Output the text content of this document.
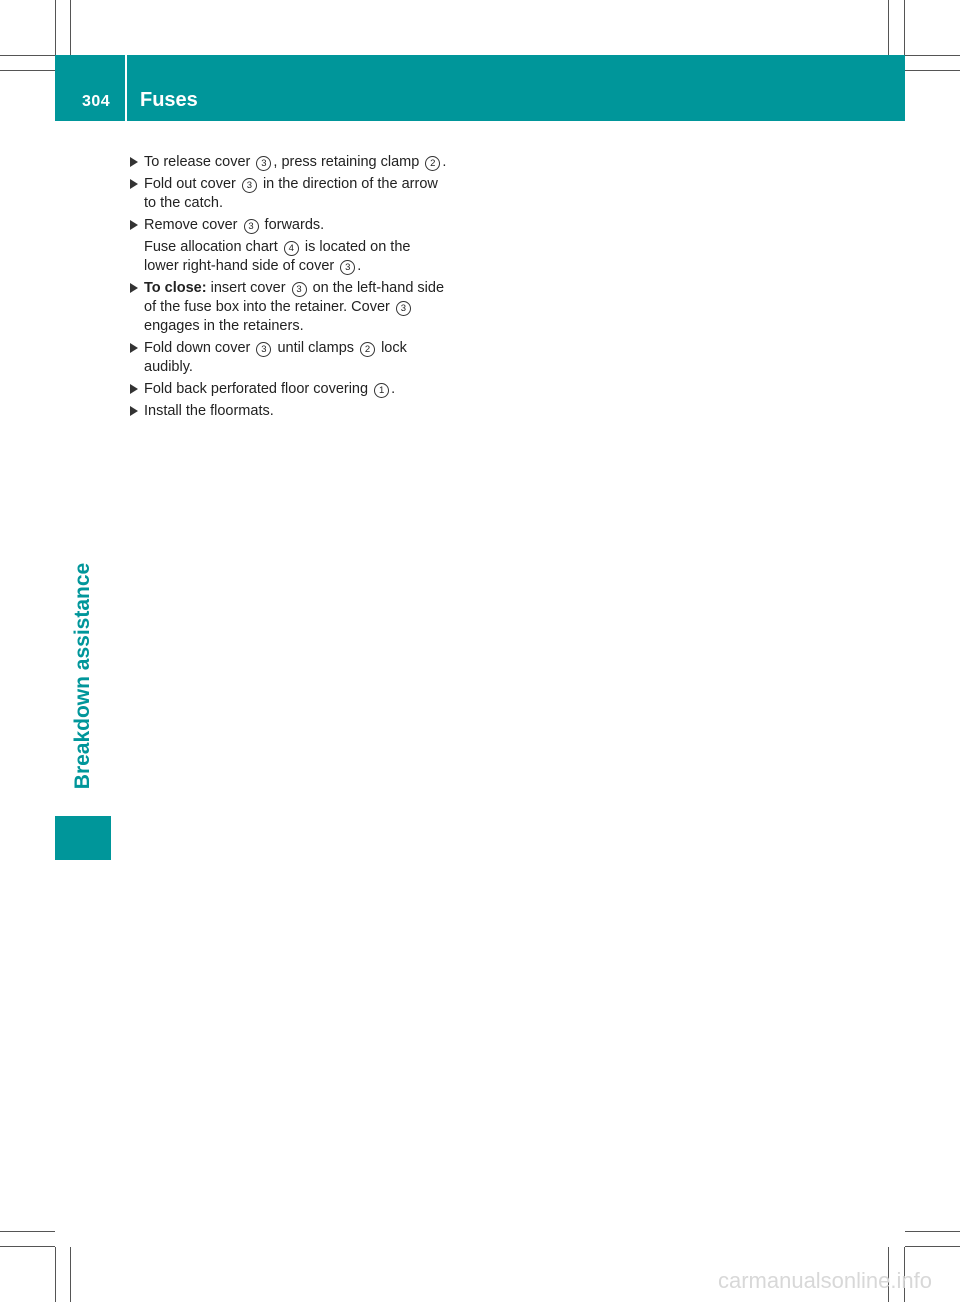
304 Fuses
Breakdown assistance
To release cover 3 , press retaining clamp 2 .
Fold out cover 3 in the direction of the arrow to the catch.
Remove cover 3 forwards.
Fuse allocation chart 4 is located on the lower right-hand side of cover 3 .
To close: insert cover 3 on the left-hand side of the fuse box into the retainer. Cover 3 engages in the retainers.
Fold down cover 3 until clamps 2 lock audibly.
Fold back perforated floor covering 1 .
Install the floormats.
carmanualsonline.info
